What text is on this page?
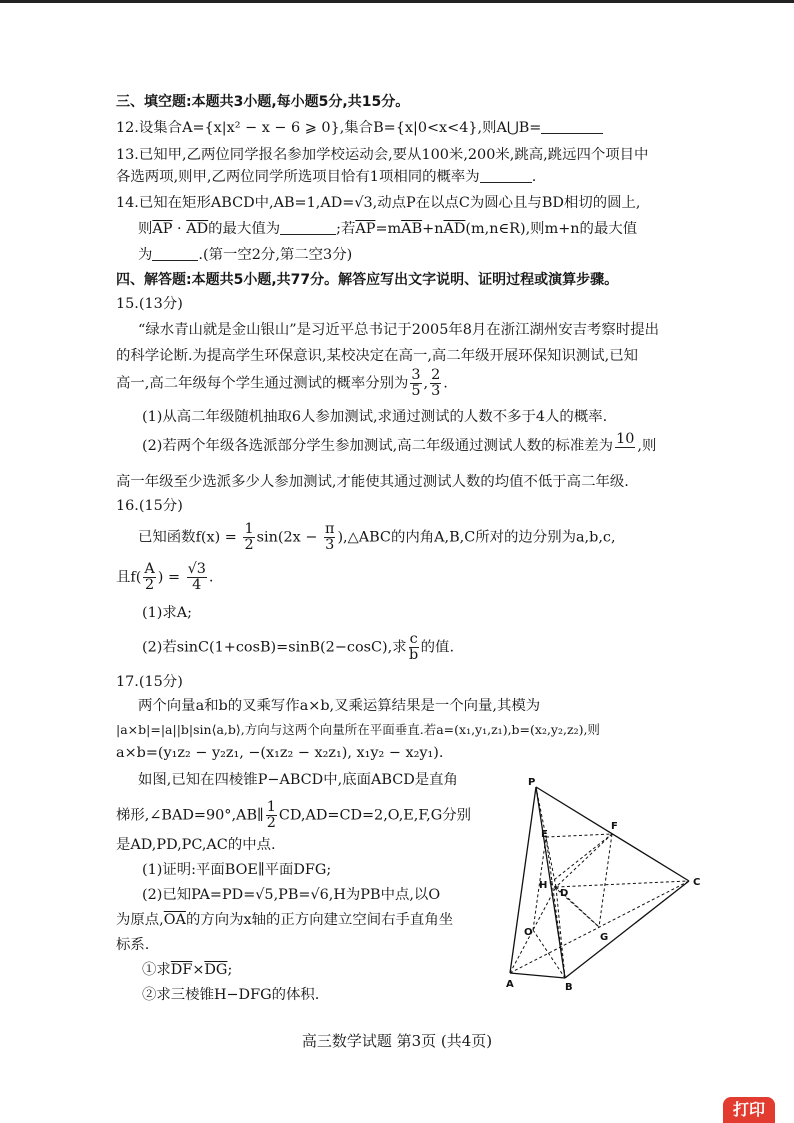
三、填空题:本题共3小题,每小题5分,共15分。
12.设集合A={x|x² − x − 6 ⩾ 0},集合B={x|0<x<4},则A⋃B=
13.已知甲,乙两位同学报名参加学校运动会,要从100米,200米,跳高,跳远四个项目中
各选两项,则甲,乙两位同学所选项目恰有1项相同的概率为	.
14.已知在矩形ABCD中,AB=1,AD=√3,动点P在以点C为圆心且与BD相切的圆上,
则$\overline{AP} \cdot \overline{AD}$的最大值为	;若$\overline{AP}=m\overline{AB}+n\overline{AD}(m,n\in R)$,则m+n的最大值
为	.(第一空2分,第二空3分)
四、解答题:本题共5小题,共77分。解答应写出文字说明、证明过程或演算步骤。
15.(13分)
“绿水青山就是金山银山”是习近平总书记于2005年8月在浙江湖州安吉考察时提出
的科学论断.为提高学生环保意识,某校决定在高一,高二年级开展环保知识测试,已知
高一,高二年级每个学生通过测试的概率分别为 $\frac{3}{5}$ , $\frac{2}{3}$ .
(1)从高二年级随机抽取6人参加测试,求通过测试的人数不多于4人的概率.
(2)若两个年级各选派部分学生参加测试,高二年级通过测试人数的标准差为 10 ,则
高一年级至少选派多少人参加测试,才能使其通过测试人数的均值不低于高二年级.
16.(15分)
已知函数$f(x) = \frac{1}{2} \sin(2x - \frac{\pi}{3}$ ),△ABC的内角A,B,C所对的边分别为a,b,c,
且$f( \frac{A}{2}$ ) = $\frac{√3}{4}$ .
(1)求A;
(2)若sinC(1+cosB)=sinB(2−cosC),求 $\frac{c}{b}$ 的值.
17.(15分)
两个向量a和b的叉乘写作a×b,叉乘运算结果是一个向量,其模为
|a×b|=|a||b|sin⟨a,b⟩,方向与这两个向量所在平面垂直.若a=(x₁,y₁,z₁),b=(x₂,y₂,z₂),则
a×b=(y₁z₂ − y₂z₁, −(x₁z₂ − x₂z₁), x₁y₂ − x₂y₁).
如图,已知在四棱锥P−ABCD中,底面ABCD是直角
梯形,∠BAD=90°,AB∥ $\frac{1}{2} CD,AD=CD=2,O,E,F,G$分别
是AD,PD,PC,AC的中点.
(1)证明:平面BOE∥平面DFG;
(2)已知PA=PD=√5,PB=√6,H为PB中点,以O
为原点$,\overline{OA}$的方向为x轴的正方向建立空间右手直角坐
标系.
①求$\overline{DF}\times\overline{DG}$;
②求三棱锥H−DFG的体积.
P
E
F
H
D
C
O	G
A	B
高三数学试题 第3页 (共4页)
打印
